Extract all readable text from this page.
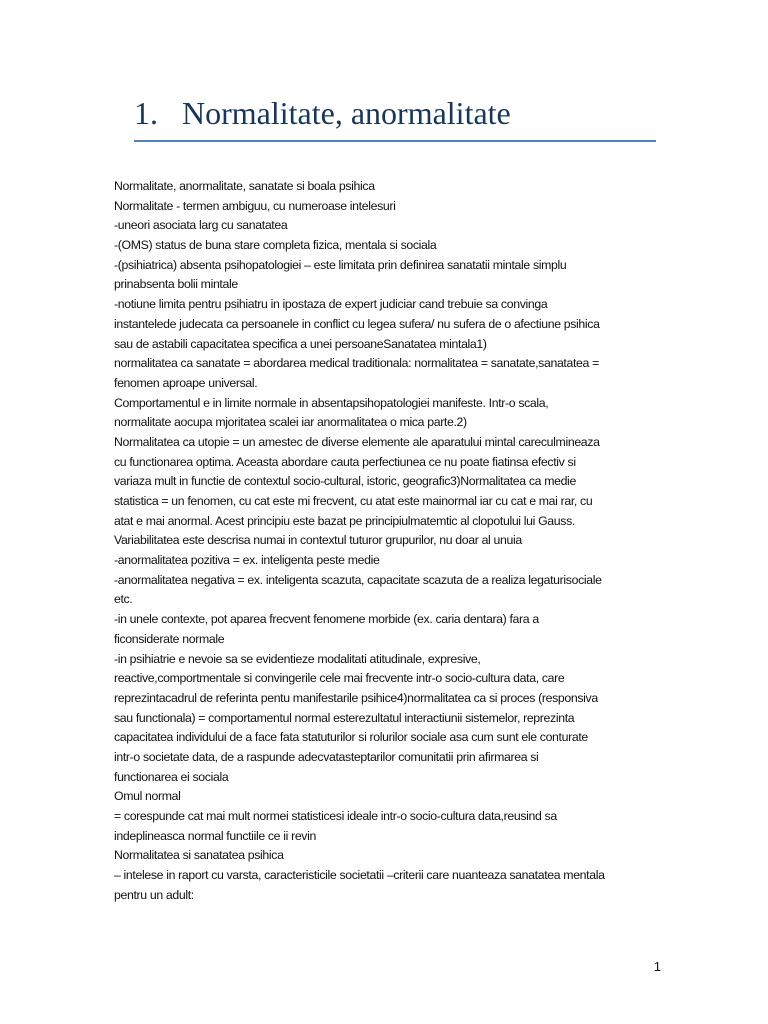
1. Normalitate, anormalitate
Normalitate, anormalitate, sanatate si boala psihica
Normalitate - termen ambiguu, cu numeroase intelesuri
-uneori asociata larg cu sanatatea
-(OMS) status de buna stare completa fizica, mentala si sociala
-(psihiatrica) absenta psihopatologiei – este limitata prin definirea sanatatii mintale simplu
prinabsenta bolii mintale
-notiune limita pentru psihiatru in ipostaza de expert judiciar cand trebuie sa convinga
instantelede judecata ca persoanele in conflict cu legea sufera/ nu sufera de o afectiune psihica
sau de astabili capacitatea specifica a unei persoaneSanatatea mintala1)
normalitatea ca sanatate = abordarea medical traditionala: normalitatea = sanatate,sanatatea =
fenomen aproape universal.
Comportamentul e in limite normale in absentapsihopatologiei manifeste. Intr-o scala,
normalitate aocupa mjoritatea scalei iar anormalitatea o mica parte.2)
Normalitatea ca utopie = un amestec de diverse elemente ale aparatului mintal careculmineaza
cu functionarea optima. Aceasta abordare cauta perfectiunea ce nu poate fiatinsa efectiv si
variaza mult in functie de contextul socio-cultural, istoric, geografic3)Normalitatea ca medie
statistica = un fenomen, cu cat este mi frecvent, cu atat este mainormal iar cu cat e mai rar, cu
atat e mai anormal. Acest principiu este bazat pe principiulmatemtic al clopotului lui Gauss.
Variabilitatea este descrisa numai in contextul tuturor grupurilor, nu doar al unuia
-anormalitatea pozitiva = ex. inteligenta peste medie
-anormalitatea negativa = ex. inteligenta scazuta, capacitate scazuta de a realiza legaturisociale
etc.
-in unele contexte, pot aparea frecvent fenomene morbide (ex. caria dentara) fara a
ficonsiderate normale
-in psihiatrie e nevoie sa se evidentieze modalitati atitudinale, expresive,
reactive,comportmentale si convingerile cele mai frecvente intr-o socio-cultura data, care
reprezintacadrul de referinta pentu manifestarile psihice4)normalitatea ca si proces (responsiva
sau functionala) = comportamentul normal esterezultatul interactiunii sistemelor, reprezinta
capacitatea individului de a face fata statuturilor si rolurilor sociale asa cum sunt ele conturate
intr-o societate data, de a raspunde adecvatasteptarilor comunitatii prin afirmarea si
functionarea ei sociala
Omul normal
= corespunde cat mai mult normei statisticesi ideale intr-o socio-cultura data,reusind sa
indeplineasca normal functiile ce ii revin
Normalitatea si sanatatea psihica
– intelese in raport cu varsta, caracteristicile societatii –criterii care nuanteaza sanatatea mentala
pentru un adult:
1
